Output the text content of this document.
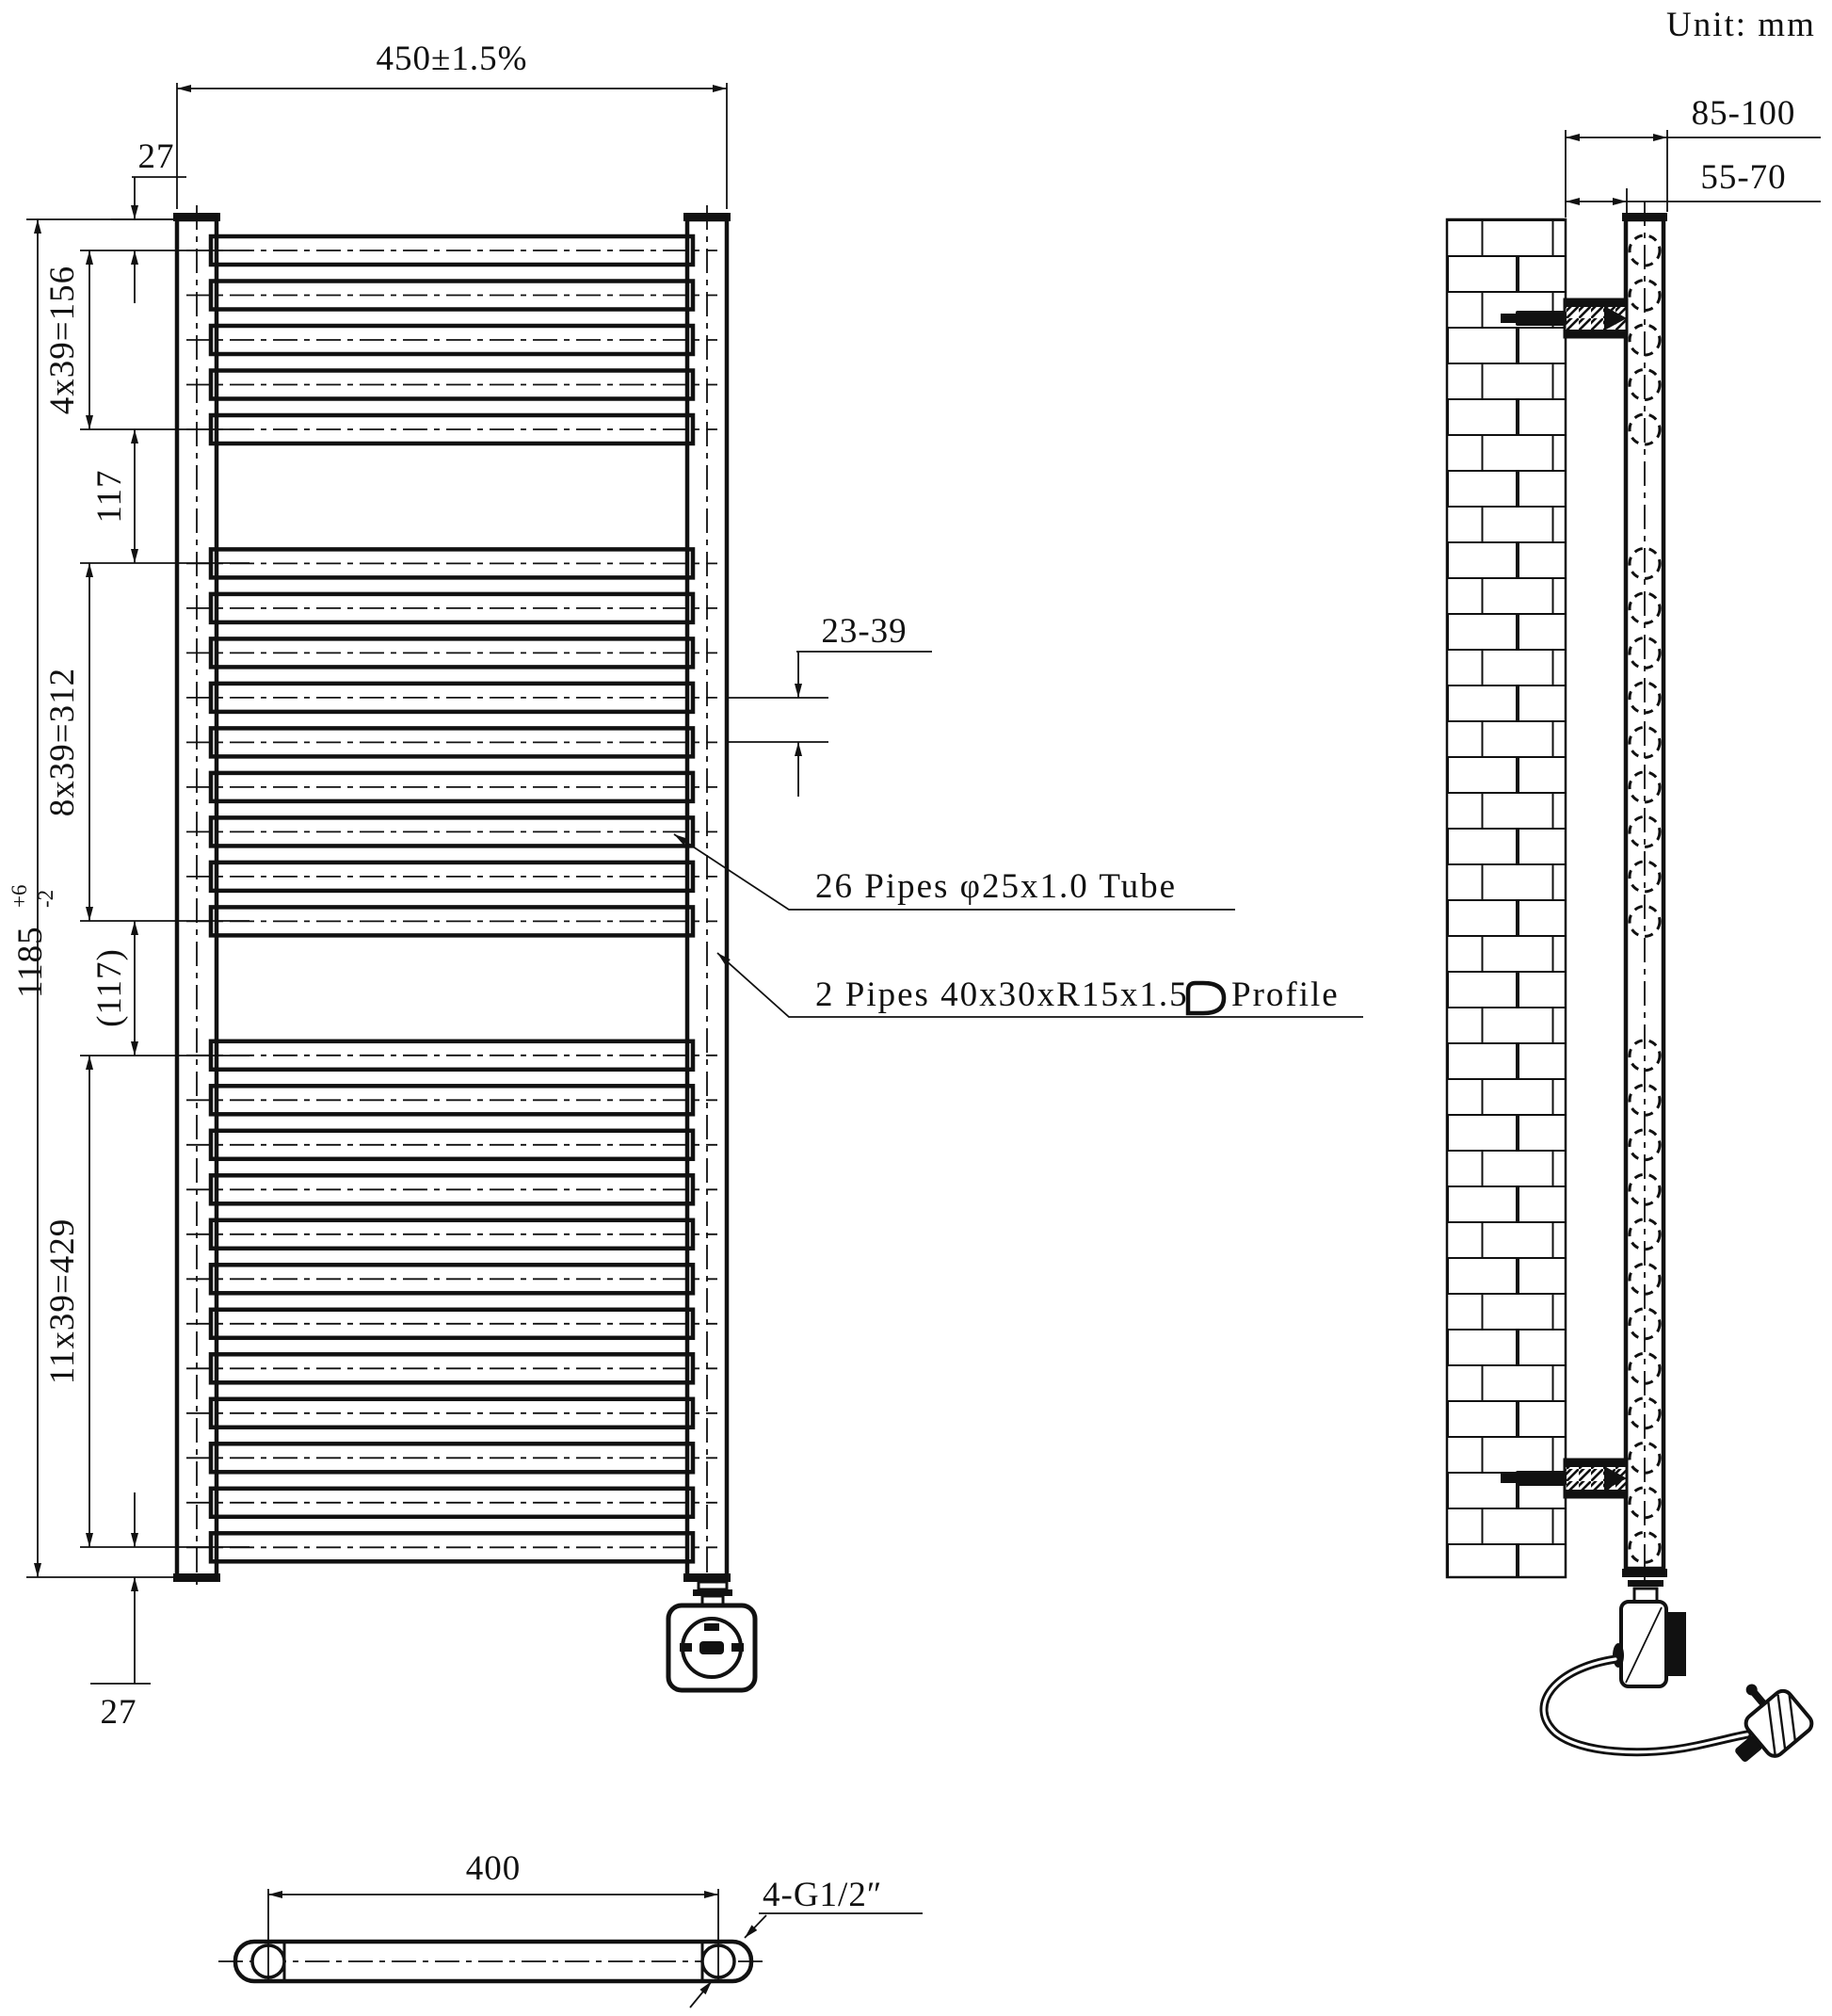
450±1.5%
27
4x39=156
117
8x39=312
(117)
11x39=429
1185
+6 -2
27
23-39
26 Pipes φ25x1.0 Tube
2 Pipes 40x30xR15x1.5 Profile
85-100
55-70
400
4-G1/2″
Unit: mm
